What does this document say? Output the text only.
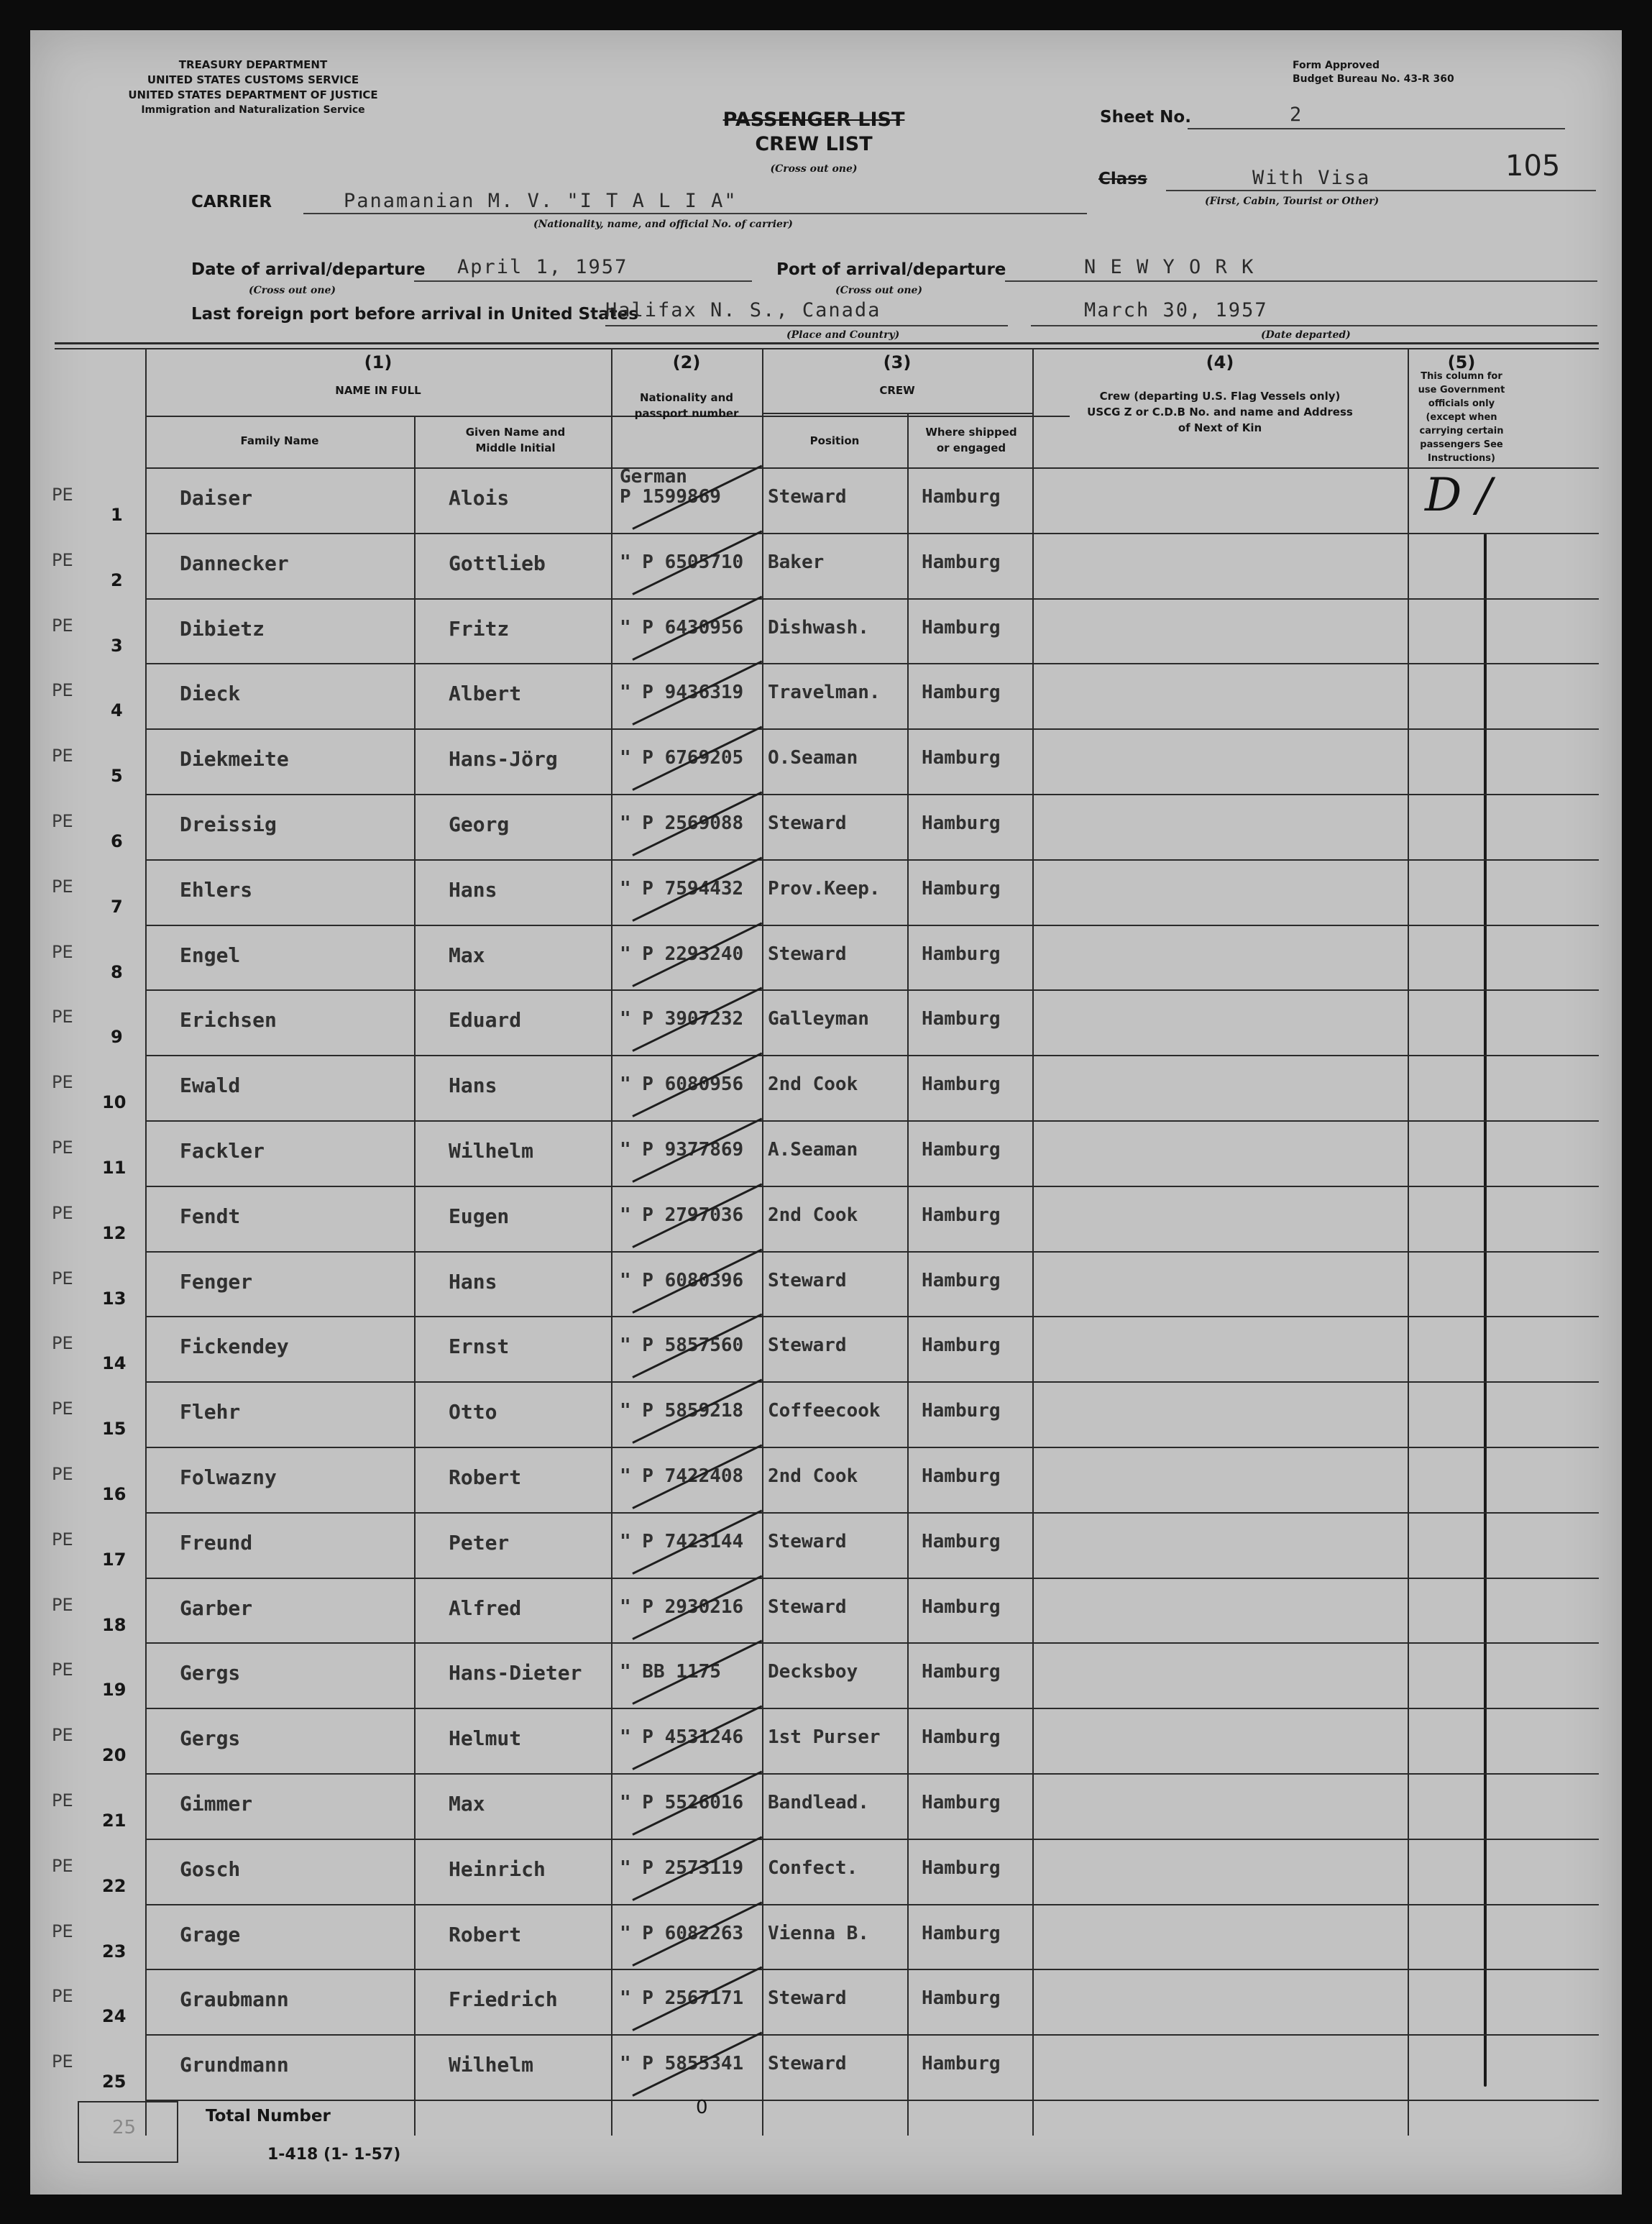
TREASURY DEPARTMENT
UNITED STATES CUSTOMS SERVICE
UNITED STATES DEPARTMENT OF JUSTICE
Immigration and Naturalization Service
Form Approved
Budget Bureau No. 43-R 360
PASSENGER LIST
CREW LIST
(Cross out one)
Sheet No.	2
105
CARRIER	Panamanian M. V. "I T A L I A"
(Nationality, name, and official No. of carrier)
Class	With Visa
(First, Cabin, Tourist or Other)
Date of arrival/departure
(Cross out one)
April 1, 1957	Port of arrival/departure
(Cross out one)
N E W Y O R K
Last foreign port before arrival in United States
Halifax N. S., Canada
(Place and Country)
March 30, 1957
(Date departed)
(1)
NAME IN FULL
Family Name
Given Name and Middle Initial
(2)
Nationality and passport number
(3)
CREW
Position
Where shipped or engaged
(4)
Crew (departing U.S. Flag Vessels only) USCG Z or C.D.B No. and name and Address of Next of Kin
(5)
This column for use Government officials only (except when carrying certain passengers See Instructions)
D /
German
PE
1
Daiser	Alois	P 1599869	Steward	Hamburg
PE
2
Dannecker	Gottlieb	" P 6505710 Baker	Hamburg
PE
3
Dibietz	Fritz	" P 6430956 Dishwash.	Hamburg
PE
4
Dieck	Albert	" P 9436319 Travelman. Hamburg
PE
5
Diekmeite	Hans-Jörg	" P 6769205 O.Seaman	Hamburg
PE
6
Dreissig	Georg	" P 2569088 Steward	Hamburg
PE
7
Ehlers	Hans	" P 7594432 Prov.Keep. Hamburg
PE
8
Engel	Max	" P 2293240 Steward	Hamburg
PE
9
Erichsen	Eduard	" P 3907232 Galleyman	Hamburg
PE
10
Ewald	Hans	" P 6080956 2nd Cook	Hamburg
PE
11
Fackler	Wilhelm	" P 9377869 A.Seaman	Hamburg
PE
12
Fendt	Eugen	" P 2797036 2nd Cook	Hamburg
PE
13
Fenger	Hans	" P 6080396 Steward	Hamburg
PE
14
Fickendey	Ernst	" P 5857560 Steward	Hamburg
PE
15
Flehr	Otto	" P 5859218 Coffeecook Hamburg
PE
16
Folwazny	Robert	" P 7422408 2nd Cook	Hamburg
PE
17
Freund	Peter	" P 7423144 Steward	Hamburg
PE
18
Garber	Alfred	" P 2930216 Steward	Hamburg
PE
19
Gergs	Hans-Dieter " BB 1175	Decksboy	Hamburg
PE
20
Gergs	Helmut	" P 4531246 1st Purser Hamburg
PE
21
Gimmer	Max	" P 5526016 Bandlead.	Hamburg
PE
22
Gosch	Heinrich	" P 2573119 Confect.	Hamburg
PE
23
Grage	Robert	" P 6082263 Vienna B.	Hamburg
PE
24
Graubmann	Friedrich	" P 2567171 Steward	Hamburg
PE
25
Grundmann	Wilhelm	" P 5855341 Steward	Hamburg
25
Total Number
1-418 (1- 1-57)
0
